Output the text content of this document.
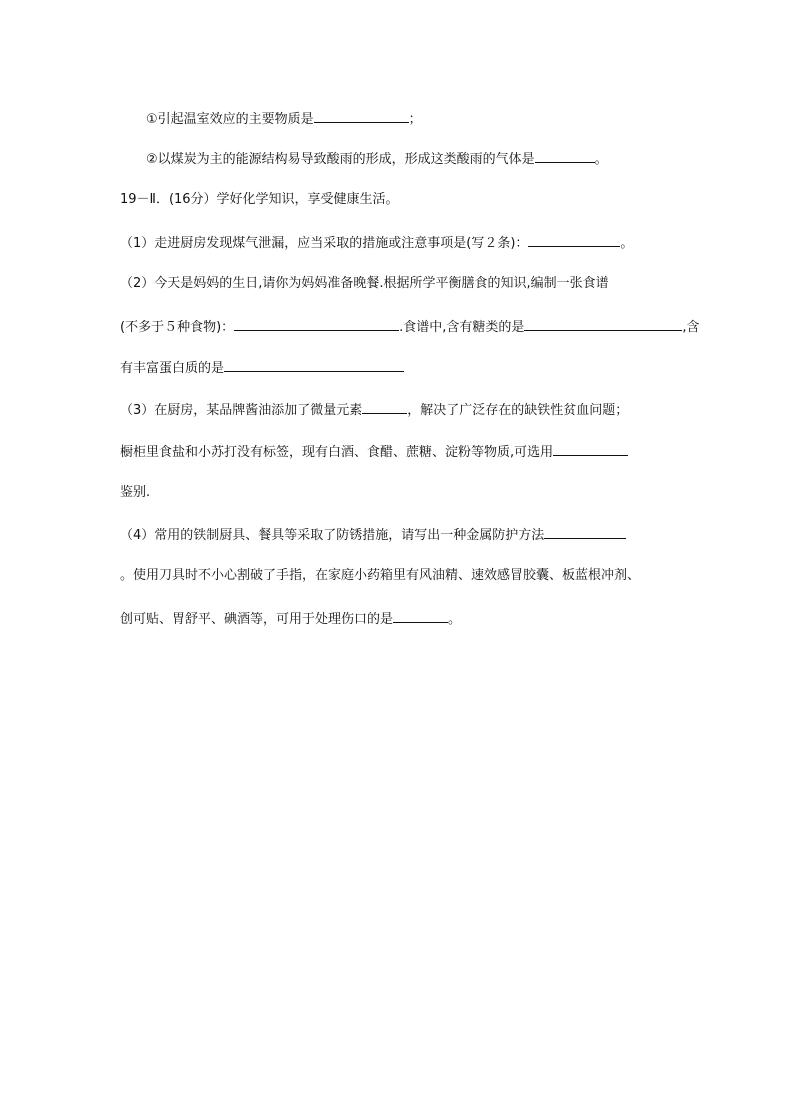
①引起温室效应的主要物质是	；
②以煤炭为主的能源结构易导致酸雨的形成，形成这类酸雨的气体是	。
19－Ⅱ．(16分）学好化学知识，享受健康生活。
（1）走进厨房发现煤气泄漏，应当采取的措施或注意事项是(写２条)：	。
（2）今天是妈妈的生日,请你为妈妈准备晚餐.根据所学平衡膳食的知识,编制一张食谱
(不多于５种食物)：	.食谱中,含有糖类的是	,含
有丰富蛋白质的是
（3）在厨房，某品牌酱油添加了微量元素	，解决了广泛存在的缺铁性贫血问题；
橱柜里食盐和小苏打没有标签，现有白酒、食醋、蔗糖、淀粉等物质,可选用
鉴别.
（4）常用的铁制厨具、餐具等采取了防锈措施，请写出一种金属防护方法
。使用刀具时不小心割破了手指，在家庭小药箱里有风油精、速效感冒胶囊、板蓝根冲剂、
创可贴、胃舒平、碘酒等，可用于处理伤口的是	。
